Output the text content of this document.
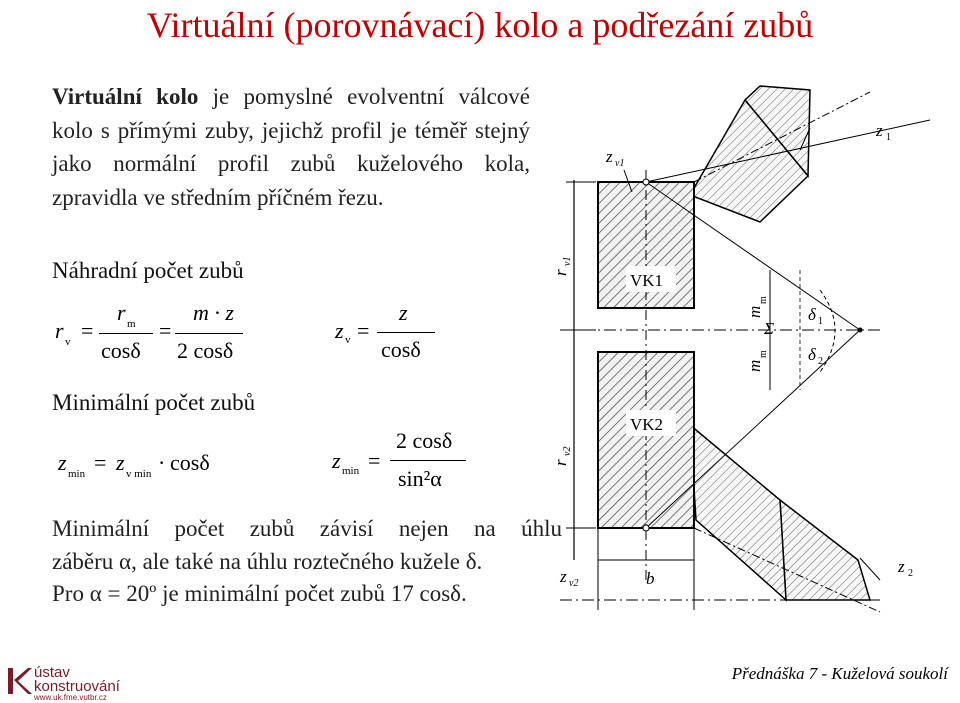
Virtuální (porovnávací) kolo a podřezání zubů
Virtuální kolo je pomyslné evolventní válcové kolo s přímými zuby, jejichž profil je téměř stejný jako normální profil zubů kuželového kola, zpravidla ve středním příčném řezu.
Náhradní počet zubů
r v =
r m
cosδ
=
m · z
2 cosδ
z v =
z
cosδ
Minimální počet zubů
z min = z v min · cosδ	z min =
2 cosδ
sin²α
Minimální počet zubů závisí nejen na úhlu
záběru α, ale také na úhlu roztečného kužele δ.
Pro α = 20º je minimální počet zubů 17 cosδ.
z v1
z 1
r
v1
VK1
m
m
Σ
δ 1
m
m δ 2
r
v2
VK2
z v2	b
z 2
ústav
konstruování
www.uk.fme.vutbr.cz
Přednáška 7 - Kuželová soukolí
